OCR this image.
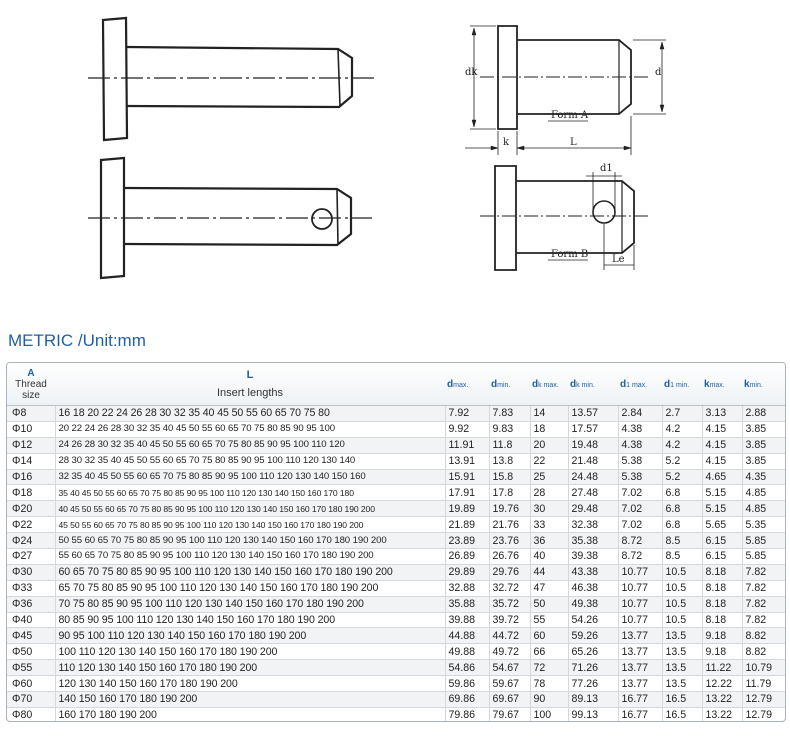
Form A
Form B
dk	d
k	L
d1
Le
METRIC /Unit:mm
A
Thread
size	L
Insert lengths	dmax.	dmin.	dk max.	dk min.	d1 max.	d1 min.	kmax.	kmin.
Φ8	16 18 20 22 24 26 28 30 32 35 40 45 50 55 60 65 70 75 80	7.92	7.83	14	13.57	2.84	2.7	3.13	2.88
Φ10	20 22 24 26 28 30 32 35 40 45 50 55 60 65 70 75 80 85 90 95 100	9.92	9.83	18	17.57	4.38	4.2	4.15	3.85
Φ12	24 26 28 30 32 35 40 45 50 55 60 65 70 75 80 85 90 95 100 110 120	11.91	11.8	20	19.48	4.38	4.2	4.15	3.85
Φ14	28 30 32 35 40 45 50 55 60 65 70 75 80 85 90 95 100 110 120 130 140	13.91	13.8	22	21.48	5.38	5.2	4.15	3.85
Φ16	32 35 40 45 50 55 60 65 70 75 80 85 90 95 100 110 120 130 140 150 160	15.91	15.8	25	24.48	5.38	5.2	4.65	4.35
Φ18	35 40 45 50 55 60 65 70 75 80 85 90 95 100 110 120 130 140 150 160 170 180	17.91	17.8	28	27.48	7.02	6.8	5.15	4.85
Φ20	40 45 50 55 60 65 70 75 80 85 90 95 100 110 120 130 140 150 160 170 180 190 200	19.89	19.76	30	29.48	7.02	6.8	5.15	4.85
Φ22	45 50 55 60 65 70 75 80 85 90 95 100 110 120 130 140 150 160 170 180 190 200	21.89	21.76	33	32.38	7.02	6.8	5.65	5.35
Φ24	50 55 60 65 70 75 80 85 90 95 100 110 120 130 140 150 160 170 180 190 200	23.89	23.76	36	35.38	8.72	8.5	6.15	5.85
Φ27	55 60 65 70 75 80 85 90 95 100 110 120 130 140 150 160 170 180 190 200	26.89	26.76	40	39.38	8.72	8.5	6.15	5.85
Φ30	60 65 70 75 80 85 90 95 100 110 120 130 140 150 160 170 180 190 200	29.89	29.76	44	43.38	10.77	10.5	8.18	7.82
Φ33	65 70 75 80 85 90 95 100 110 120 130 140 150 160 170 180 190 200	32.88	32.72	47	46.38	10.77	10.5	8.18	7.82
Φ36	70 75 80 85 90 95 100 110 120 130 140 150 160 170 180 190 200	35.88	35.72	50	49.38	10.77	10.5	8.18	7.82
Φ40	80 85 90 95 100 110 120 130 140 150 160 170 180 190 200	39.88	39.72	55	54.26	10.77	10.5	8.18	7.82
Φ45	90 95 100 110 120 130 140 150 160 170 180 190 200	44.88	44.72	60	59.26	13.77	13.5	9.18	8.82
Φ50	100 110 120 130 140 150 160 170 180 190 200	49.88	49.72	66	65.26	13.77	13.5	9.18	8.82
Φ55	110 120 130 140 150 160 170 180 190 200	54.86	54.67	72	71.26	13.77	13.5	11.22	10.79
Φ60	120 130 140 150 160 170 180 190 200	59.86	59.67	78	77.26	13.77	13.5	12.22	11.79
Φ70	140 150 160 170 180 190 200	69.86	69.67	90	89.13	16.77	16.5	13.22	12.79
Φ80	160 170 180 190 200	79.86	79.67	100	99.13	16.77	16.5	13.22	12.79
